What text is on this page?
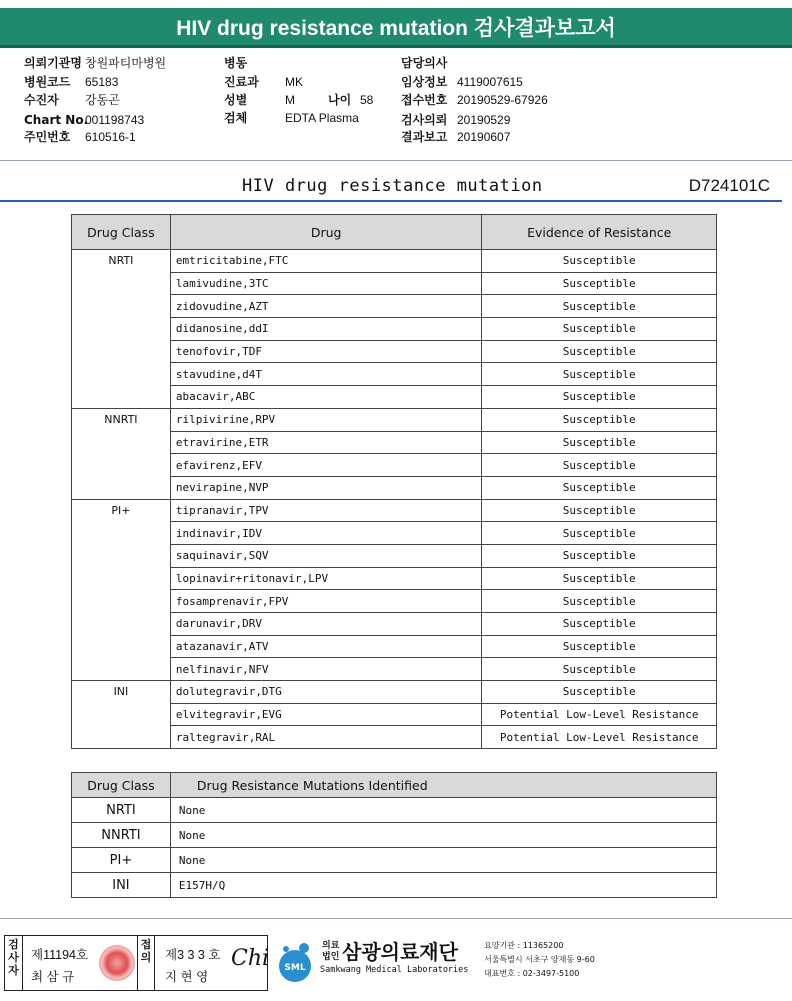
HIV drug resistance mutation 검사결과보고서
의뢰기관명 창원파티마병원
병원코드 65183
수진자 강동곤
Chart No.001198743
주민번호 610516-1
병동
진료과 MK
성별	M
검체	EDTA Plasma
나이 58
담당의사
임상정보 4119007615
접수번호 20190529-67926
검사의뢰 20190529
결과보고 20190607
HIV drug resistance mutation	D724101C
Drug Class	Drug	Evidence of Resistance
NRTI	emtricitabine,FTC	Susceptible
	lamivudine,3TC	Susceptible
	zidovudine,AZT	Susceptible
	didanosine,ddI	Susceptible
	tenofovir,TDF	Susceptible
	stavudine,d4T	Susceptible
	abacavir,ABC	Susceptible
NNRTI	rilpivirine,RPV	Susceptible
	etravirine,ETR	Susceptible
	efavirenz,EFV	Susceptible
	nevirapine,NVP	Susceptible
PI+	tipranavir,TPV	Susceptible
	indinavir,IDV	Susceptible
	saquinavir,SQV	Susceptible
	lopinavir+ritonavir,LPV	Susceptible
	fosamprenavir,FPV	Susceptible
	darunavir,DRV	Susceptible
	atazanavir,ATV	Susceptible
	nelfinavir,NFV	Susceptible
INI	dolutegravir,DTG	Susceptible
	elvitegravir,EVG	Potential Low-Level Resistance
	raltegravir,RAL	Potential Low-Level Resistance
Drug Class	Drug Resistance Mutations Identified
NRTI	None
NNRTI	None
PI+	None
INI	E157H/Q
검사자
제11194호
최 삼 규
접의 제3 3 3 호
지 현 영
Chi SML
의료
법인 삼광의료재단
Samkwang Medical Laboratories
요양기관 : 11365200
서울특별시 서초구 양재동 9-60
대표번호 : 02-3497-5100
